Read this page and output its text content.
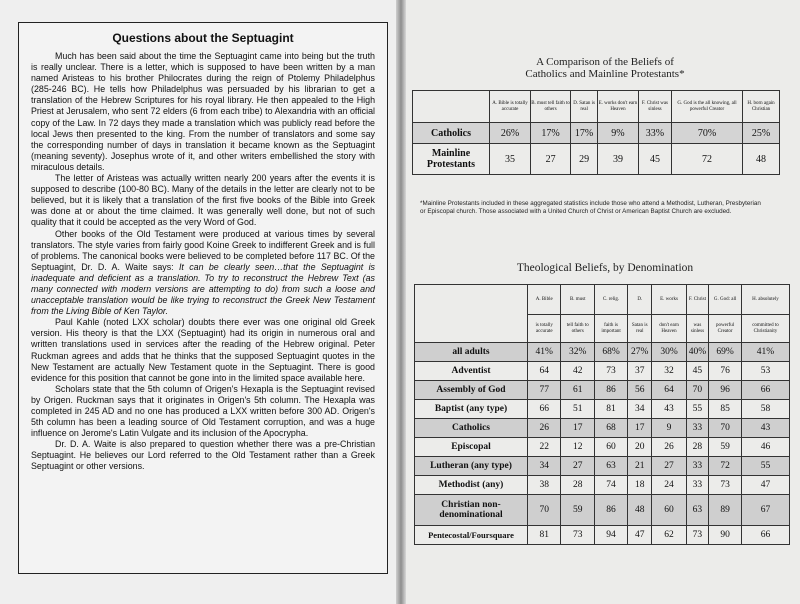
Questions about the Septuagint

Much has been said about the time the Septuagint came into being but the truth is really unclear. There is a letter, which is supposed to have been written by a man named Aristeas to his brother Philocrates during the reign of Ptolemy Philadelphus (285-246 BC). He tells how Philadelphus was persuaded by his librarian to get a translation of the Hebrew Scriptures for his royal library. He then appealed to the High Priest at Jerusalem, who sent 72 elders (6 from each tribe) to Alexandria with an official copy of the Law. In 72 days they made a translation which was publicly read before the local Jews then presented to the king. From the number of translators and some say the corresponding number of days in translation it became known as the Septuagint (meaning seventy). Josephus wrote of it, and other writers embellished the story with miraculous details.

The letter of Aristeas was actually written nearly 200 years after the events it is supposed to describe (100-80 BC). Many of the details in the letter are clearly not to be believed, but it is likely that a translation of the first five books of the Bible into Greek was done at or about the time claimed. It was generally well done, but not of such quality that it could be accepted as the very Word of God.

Other books of the Old Testament were produced at various times by several translators. The style varies from fairly good Koine Greek to indifferent Greek and is full of problems. The canonical books were believed to be completed before 117 BC. Of the Septuagint, Dr. D. A. Waite says: It can be clearly seen…that the Septuagint is inadequate and deficient as a translation. To try to reconstruct the Hebrew Text (as many connected with modern versions are attempting to do) from such a loose and unacceptable translation would be like trying to reconstruct the Greek New Testament from the Living Bible of Ken Taylor.

Paul Kahle (noted LXX scholar) doubts there ever was one original old Greek version. His theory is that the LXX (Septuagint) had its origin in numerous oral and written translations used in services after the reading of the Hebrew original. Peter Ruckman agrees and adds that he thinks that the supposed Septuagint quotes in the New Testament are actually New Testament quote in the Septuagint. There is good evidence for this position that cannot be gone into in the limited space available here.

Scholars state that the 5th column of Origen's Hexapla is the Septuagint revised by Origen. Ruckman says that it originates in Origen's 5th column. The Hexapla was completed in 245 AD and no one has produced a LXX written before 300 AD. Origen's 5th column has been a leading source of Old Testament corruption, and was a huge influence on Jerome's Latin Vulgate and its inclusion of the Apocrypha.

Dr. D. A. Waite is also prepared to question whether there was a pre-Christian Septuagint. He believes our Lord referred to the Old Testament rather than a Greek Septuagint or other versions.

A Comparison of the Beliefs of
Catholics and Mainline Protestants*
	A. Bible is totally accurate	B. must tell faith to others	D. Satan is real	E. works don't earn Heaven	F. Christ was sinless	G. God is the all knowing, all powerful Creator	H. born again Christian
Catholics	26%	17%	17%	9%	33%	70%	25%
Mainline Protestants	35	27	29	39	45	72	48
*Mainline Protestants included in these aggregated statistics include those who attend a Methodist, Lutheran, Presbyterian or Episcopal church. Those associated with a United Church of Christ or American Baptist Church are excluded.
Theological Beliefs, by Denomination
	A. Bible	B. must	C. relig.	D.	E. works	F. Christ	G. God: all	H. absolutely
	is totally accurate	tell faith to others	faith is important	Satan is real	don't earn Heaven	was sinless	powerful Creator	committed to Christianity
all adults	41%	32%	68%	27%	30%	40%	69%	41%
Adventist	64	42	73	37	32	45	76	53
Assembly of God	77	61	86	56	64	70	96	66
Baptist (any type)	66	51	81	34	43	55	85	58
Catholics	26	17	68	17	9	33	70	43
Episcopal	22	12	60	20	26	28	59	46
Lutheran (any type)	34	27	63	21	27	33	72	55
Methodist (any)	38	28	74	18	24	33	73	47
Christian non-denominational	70	59	86	48	60	63	89	67
Pentecostal/Foursquare	81	73	94	47	62	73	90	66
